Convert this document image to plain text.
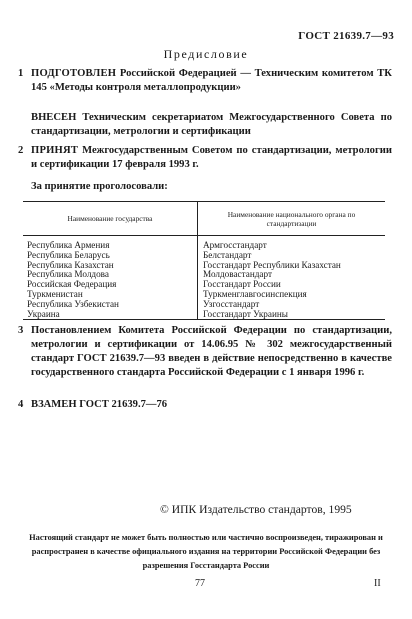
ГОСТ 21639.7—93
Предисловие
1 ПОДГОТОВЛЕН Российской Федерацией — Техническим комитетом ТК 145 «Методы контроля металлопродукции»
ВНЕСЕН Техническим секретариатом Межгосударственного Совета по стандартизации, метрологии и сертификации
2 ПРИНЯТ Межгосударственным Советом по стандартизации, метрологии и сертификации 17 февраля 1993 г.
За принятие проголосовали:
Наименование государства	Наименование национального органа по стандартизации
Республика Армения
Республика Беларусь
Республика Казахстан
Республика Молдова
Российская Федерация
Туркменистан
Республика Узбекистан
Украина
Армгосстандарт
Белстандарт
Госстандарт Республики Казахстан
Молдовастандарт
Госстандарт России
Туркменглавгосинспекция
Узгосстандарт
Госстандарт Украины
3 Постановлением Комитета Российской Федерации по стандартизации, метрологии и сертификации от 14.06.95 № 302 межгосударственный стандарт ГОСТ 21639.7—93 введен в действие непосредственно в качестве государственного стандарта Российской Федерации с 1 января 1996 г.
4 ВЗАМЕН ГОСТ 21639.7—76
© ИПК Издательство стандартов, 1995
Настоящий стандарт не может быть полностью или частично воспроизведен, тиражирован и распространен в качестве официального издания на территории Российской Федерации без разрешения Госстандарта России
77	II
